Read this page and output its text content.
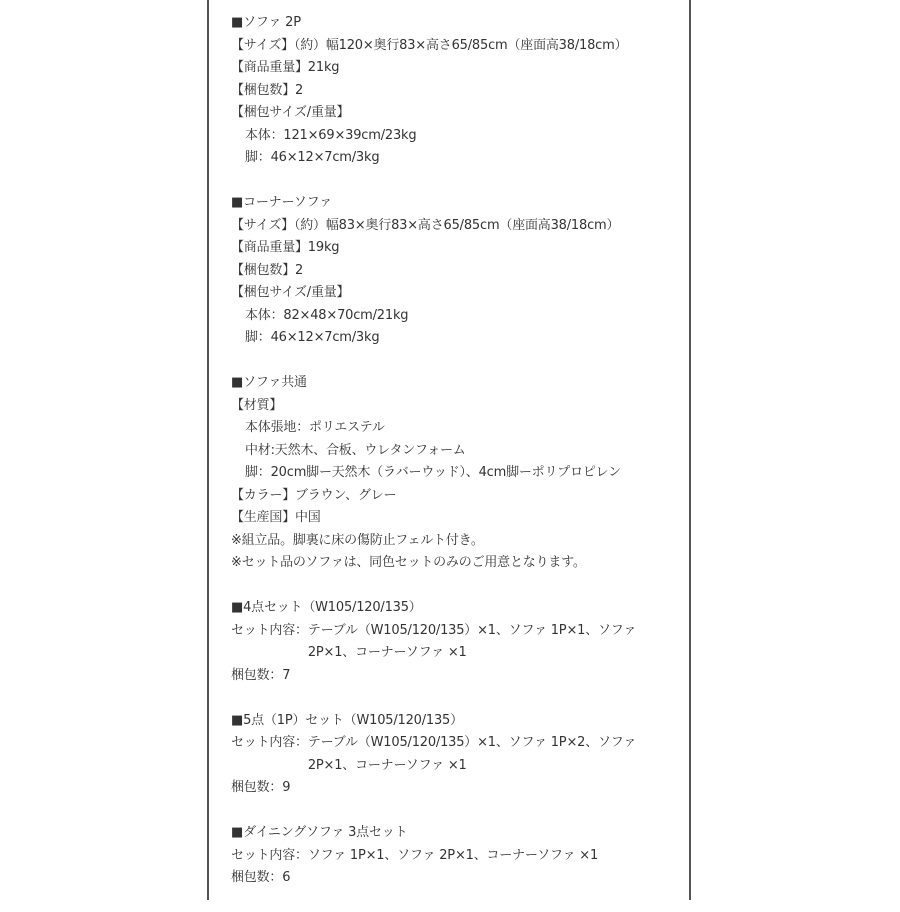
■ソファ 2P
【サイズ】（約）幅120×奥行83×高さ65/85cm（座面高38/18cm）
【商品重量】21kg
【梱包数】2
【梱包サイズ/重量】
本体：121×69×39cm/23kg
脚：46×12×7cm/3kg
■コーナーソファ
【サイズ】（約）幅83×奥行83×高さ65/85cm（座面高38/18cm）
【商品重量】19kg
【梱包数】2
【梱包サイズ/重量】
本体：82×48×70cm/21kg
脚：46×12×7cm/3kg
■ソファ共通
【材質】
本体張地：ポリエステル
中材:天然木、合板、ウレタンフォーム
脚：20cm脚ー天然木（ラバーウッド）、4cm脚ーポリプロピレン
【カラー】ブラウン、グレー
【生産国】中国
※組立品。脚裏に床の傷防止フェルト付き。
※セット品のソファは、同色セットのみのご用意となります。
■4点セット（W105/120/135）
セット内容： テーブル（W105/120/135）×1、ソファ 1P×1、ソファ
2P×1、コーナーソファ ×1
梱包数：7
■5点（1P）セット（W105/120/135）
セット内容： テーブル（W105/120/135）×1、ソファ 1P×2、ソファ
2P×1、コーナーソファ ×1
梱包数：9
■ダイニングソファ 3点セット
セット内容： ソファ 1P×1、ソファ 2P×1、コーナーソファ ×1
梱包数：6
